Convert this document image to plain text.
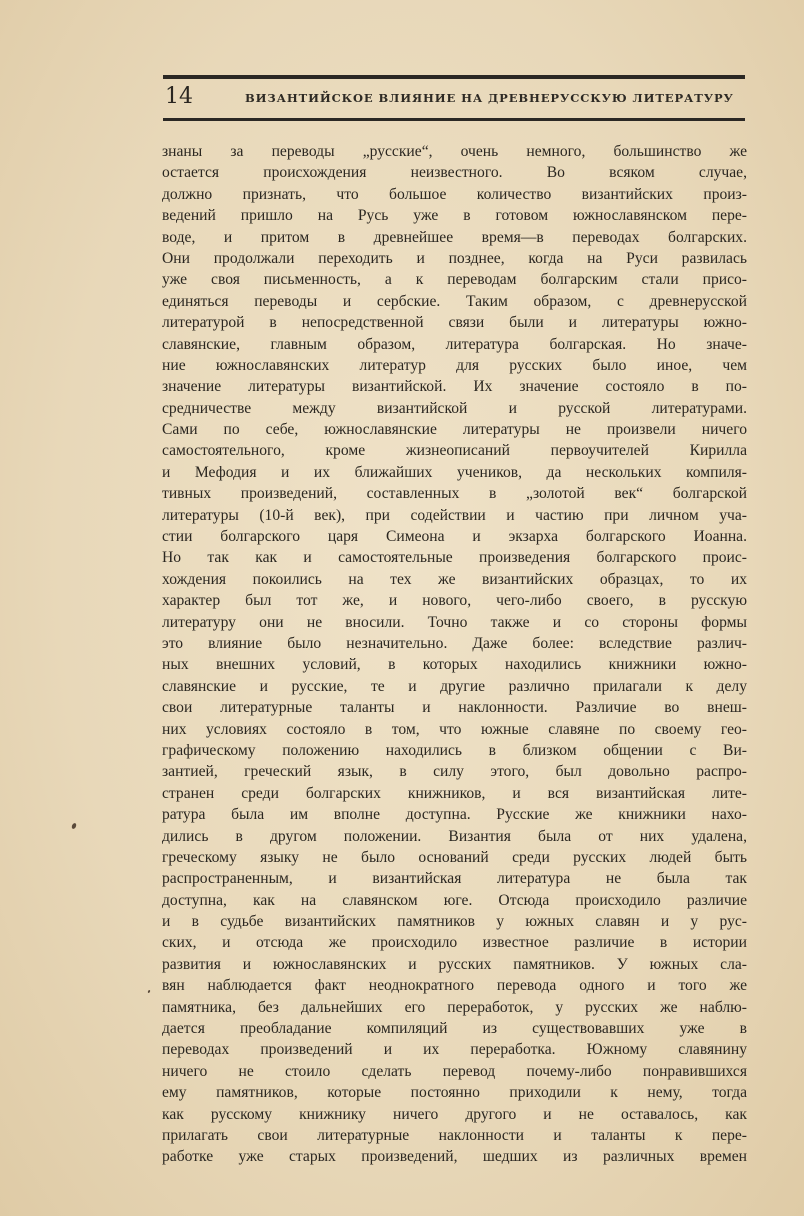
14	ВИЗАНТИЙСКОЕ ВЛИЯНИЕ НА ДРЕВНЕРУССКУЮ ЛИТЕРАТУРУ
знаны за переводы „русские“, очень немного, большинство же
остается происхождения неизвестного. Во всяком случае,
должно признать, что большое количество византийских произ-
ведений пришло на Русь уже в готовом южнославянском пере-
воде, и притом в древнейшее время—в переводах болгарских.
Они продолжали переходить и позднее, когда на Руси развилась
уже своя письменность, а к переводам болгарским стали присо-
единяться переводы и сербские. Таким образом, с древнерусской
литературой в непосредственной связи были и литературы южно-
славянские, главным образом, литература болгарская. Но значе-
ние южнославянских литератур для русских было иное, чем
значение литературы византийской. Их значение состояло в по-
средничестве между византийской и русской литературами.
Сами по себе, южнославянские литературы не произвели ничего
самостоятельного, кроме жизнеописаний первоучителей Кирилла
и Мефодия и их ближайших учеников, да нескольких компиля-
тивных произведений, составленных в „золотой век“ болгарской
литературы (10-й век), при содействии и частию при личном уча-
стии болгарского царя Симеона и экзарха болгарского Иоанна.
Но так как и самостоятельные произведения болгарского проис-
хождения покоились на тех же византийских образцах, то их
характер был тот же, и нового, чего-либо своего, в русскую
литературу они не вносили. Точно также и со стороны формы
это влияние было незначительно. Даже более: вследствие различ-
ных внешних условий, в которых находились книжники южно-
славянские и русские, те и другие различно прилагали к делу
свои литературные таланты и наклонности. Различие во внеш-
них условиях состояло в том, что южные славяне по своему гео-
графическому положению находились в близком общении с Ви-
зантией, греческий язык, в силу этого, был довольно распро-
странен среди болгарских книжников, и вся византийская лите-
ратура была им вполне доступна. Русские же книжники нахо-
дились в другом положении. Византия была от них удалена,
греческому языку не было оснований среди русских людей быть
распространенным, и византийская литература не была так
доступна, как на славянском юге. Отсюда происходило различие
и в судьбе византийских памятников у южных славян и у рус-
ских, и отсюда же происходило известное различие в истории
развития и южнославянских и русских памятников. У южных сла-
вян наблюдается факт неоднократного перевода одного и того же
памятника, без дальнейших его переработок, у русских же наблю-
дается преобладание компиляций из существовавших уже в
переводах произведений и их переработка. Южному славянину
ничего не стоило сделать перевод почему-либо понравившихся
ему памятников, которые постоянно приходили к нему, тогда
как русскому книжнику ничего другого и не оставалось, как
прилагать свои литературные наклонности и таланты к пере-
работке уже старых произведений, шедших из различных времен
